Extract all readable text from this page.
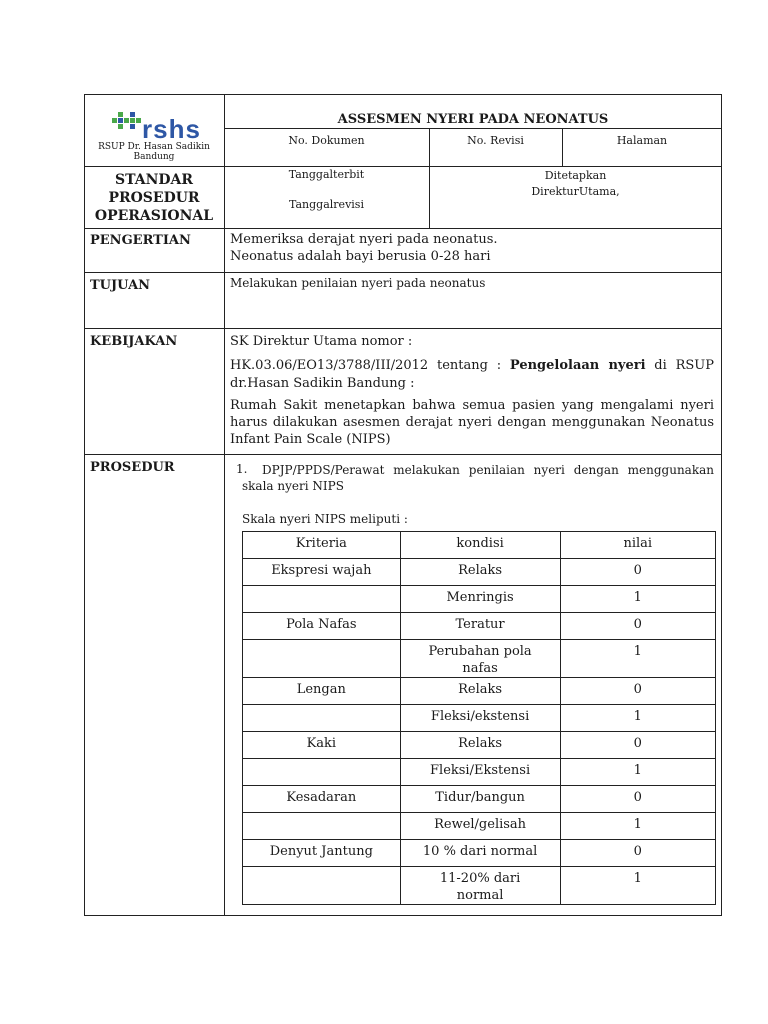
rshs
RSUP Dr. Hasan Sadikin
Bandung
ASSESMEN NYERI PADA NEONATUS
No. Dokumen	No. Revisi	Halaman
STANDAR
PROSEDUR
OPERASIONAL
Tanggalterbit
Tanggalrevisi
Ditetapkan
DirekturUtama,
PENGERTIAN	Memeriksa derajat nyeri pada neonatus.
Neonatus adalah bayi berusia 0-28 hari
TUJUAN	Melakukan penilaian nyeri pada neonatus
KEBIJAKAN	SK Direktur Utama nomor :
HK.03.06/EO13/3788/III/2012 tentang : Pengelolaan nyeri di RSUP dr.Hasan Sadikin Bandung :
Rumah Sakit menetapkan bahwa semua pasien yang mengalami nyeri harus dilakukan asesmen derajat nyeri dengan menggunakan Neonatus Infant Pain Scale (NIPS)
PROSEDUR	1.	DPJP/PPDS/Perawat melakukan penilaian nyeri dengan menggunakan skala nyeri NIPS
Skala nyeri NIPS meliputi :
Kriteria	kondisi	nilai
Ekspresi wajah	Relaks	0
	Menringis	1
Pola Nafas	Teratur	0
	Perubahan pola nafas	1
Lengan	Relaks	0
	Fleksi/ekstensi	1
Kaki	Relaks	0
	Fleksi/Ekstensi	1
Kesadaran	Tidur/bangun	0
	Rewel/gelisah	1
Denyut Jantung	10 % dari normal	0
	11-20% dari normal	1
